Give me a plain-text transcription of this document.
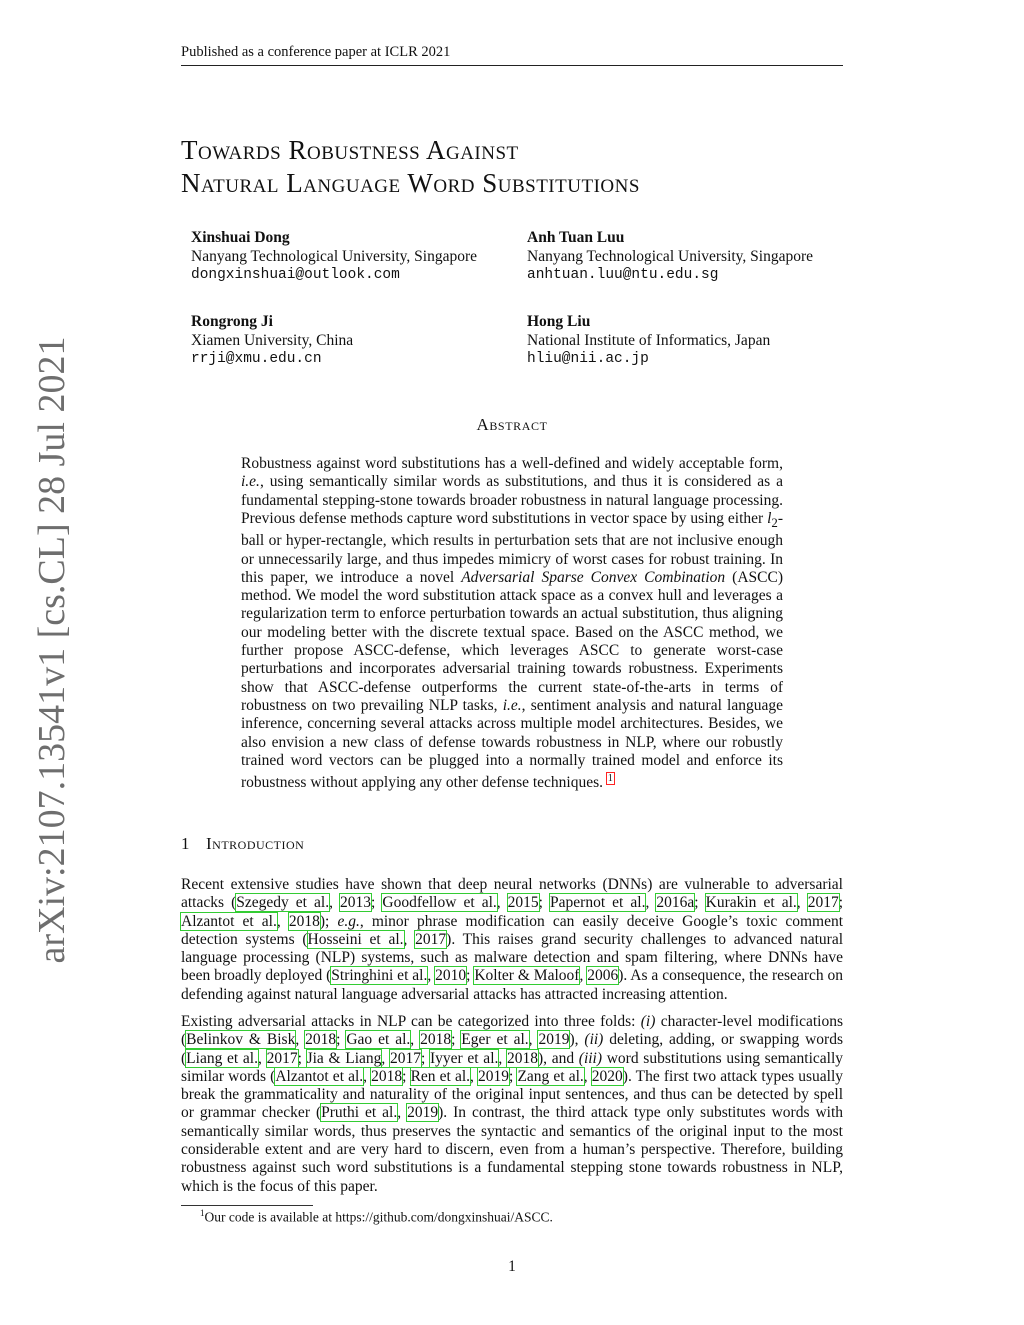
Published as a conference paper at ICLR 2021
Towards Robustness Against
Natural Language Word Substitutions
Xinshuai Dong
Nanyang Technological University, Singapore
dongxinshuai@outlook.com
Anh Tuan Luu
Nanyang Technological University, Singapore
anhtuan.luu@ntu.edu.sg
Rongrong Ji
Xiamen University, China
rrji@xmu.edu.cn
Hong Liu
National Institute of Informatics, Japan
hliu@nii.ac.jp
arXiv:2107.13541v1 [cs.CL] 28 Jul 2021	Abstract

Robustness against word substitutions has a well-defined and widely acceptable form, i.e., using semantically similar words as substitutions, and thus it is considered as a fundamental stepping-stone towards broader robustness in natural language processing. Previous defense methods capture word substitutions in vector space by using either $l_2$-ball or hyper-rectangle, which results in perturbation sets that are not inclusive enough or unnecessarily large, and thus impedes mimicry of worst cases for robust training. In this paper, we introduce a novel Adversarial Sparse Convex Combination (ASCC) method. We model the word substitution attack space as a convex hull and leverages a regularization term to enforce perturbation towards an actual substitution, thus aligning our modeling better with the discrete textual space. Based on the ASCC method, we further propose ASCC-defense, which leverages ASCC to generate worst-case perturbations and incorporates adversarial training towards robustness. Experiments show that ASCC-defense outperforms the current state-of-the-arts in terms of robustness on two prevailing NLP tasks, i.e., sentiment analysis and natural language inference, concerning several attacks across multiple model architectures. Besides, we also envision a new class of defense towards robustness in NLP, where our robustly trained word vectors can be plugged into a normally trained model and enforce its robustness without applying any other defense techniques. $^1$

1 Introduction

Recent extensive studies have shown that deep neural networks (DNNs) are vulnerable to adversarial attacks (Szegedy et al., 2013; Goodfellow et al., 2015; Papernot et al., 2016a; Kurakin et al., 2017; Alzantot et al., 2018); e.g., minor phrase modification can easily deceive Google’s toxic comment detection systems (Hosseini et al., 2017). This raises grand security challenges to advanced natural language processing (NLP) systems, such as malware detection and spam filtering, where DNNs have been broadly deployed (Stringhini et al., 2010; Kolter & Maloof, 2006). As a consequence, the research on defending against natural language adversarial attacks has attracted increasing attention.

Existing adversarial attacks in NLP can be categorized into three folds: (i) character-level modifications (Belinkov & Bisk, 2018; Gao et al., 2018; Eger et al., 2019), (ii) deleting, adding, or swapping words (Liang et al., 2017; Jia & Liang, 2017; Iyyer et al., 2018), and (iii) word substitutions using semantically similar words (Alzantot et al., 2018; Ren et al., 2019; Zang et al., 2020). The first two attack types usually break the grammaticality and naturality of the original input sentences, and thus can be detected by spell or grammar checker (Pruthi et al., 2019). In contrast, the third attack type only substitutes words with semantically similar words, thus preserves the syntactic and semantics of the original input to the most considerable extent and are very hard to discern, even from a human’s perspective. Therefore, building robustness against such word substitutions is a fundamental stepping stone towards robustness in NLP, which is the focus of this paper.

$^1$Our code is available at https://github.com/dongxinshuai/ASCC.
1
